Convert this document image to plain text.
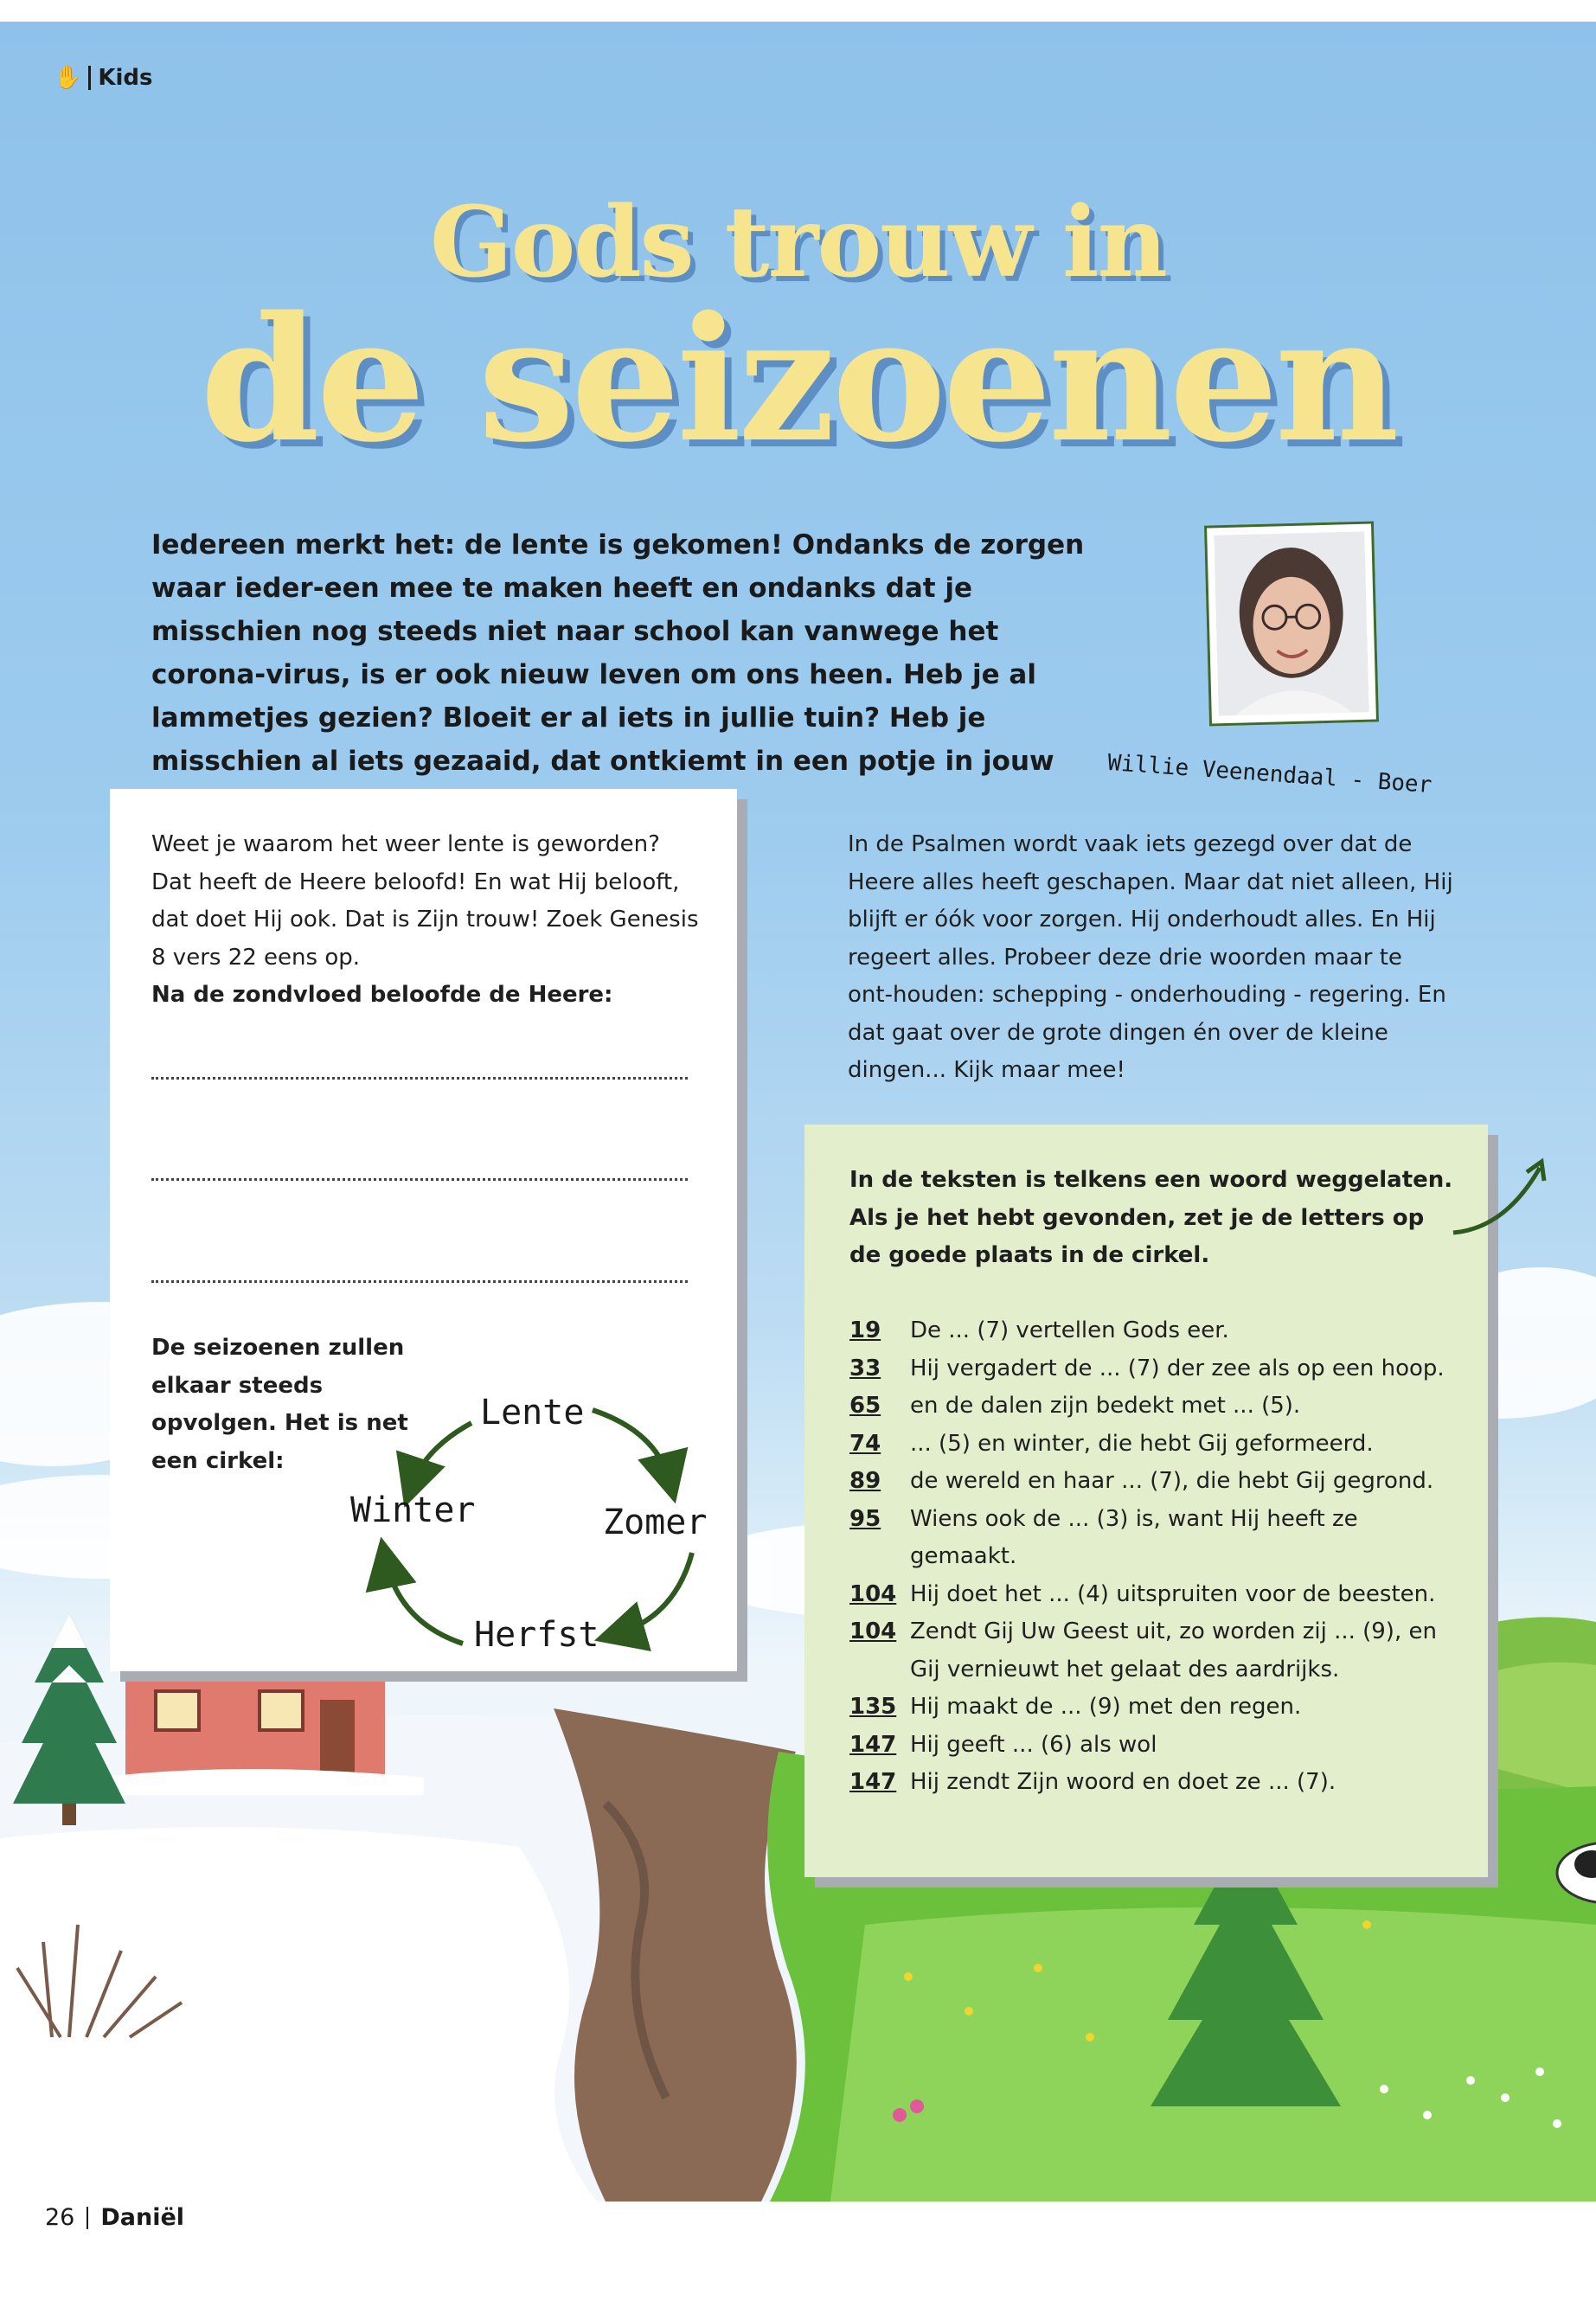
✋ Kids
Gods trouw in
de seizoenen
Iedereen merkt het: de lente is gekomen! Ondanks de zorgen waar ieder-een mee te maken heeft en ondanks dat je misschien nog steeds niet naar school kan vanwege het corona-virus, is er ook nieuw leven om ons heen. Heb je al lammetjes gezien? Bloeit er al iets in jullie tuin? Heb je misschien al iets gezaaid, dat ontkiemt in een potje in jouw	Willie Veenendaal - Boer
Weet je waarom het weer lente is geworden? Dat heeft de Heere beloofd! En wat Hij belooft, dat doet Hij ook. Dat is Zijn trouw! Zoek Genesis 8 vers 22 eens op.
Na de zondvloed beloofde de Heere:
De seizoenen zullen elkaar steeds opvolgen. Het is net een cirkel:
Lente
Zomer
Herfst
Winter
In de Psalmen wordt vaak iets gezegd over dat de Heere alles heeft geschapen. Maar dat niet alleen, Hij blijft er óók voor zorgen. Hij onderhoudt alles. En Hij regeert alles. Probeer deze drie woorden maar te ont-houden: schepping - onderhouding - regering. En dat gaat over de grote dingen én over de kleine dingen... Kijk maar mee!
In de teksten is telkens een woord weggelaten. Als je het hebt gevonden, zet je de letters op de goede plaats in de cirkel.
19	De ... (7) vertellen Gods eer.
33	Hij vergadert de ... (7) der zee als op een hoop.
65	en de dalen zijn bedekt met ... (5).
74	... (5) en winter, die hebt Gij geformeerd.
89	de wereld en haar ... (7), die hebt Gij gegrond.
95	Wiens ook de ... (3) is, want Hij heeft ze gemaakt.
104 Hij doet het ... (4) uitspruiten voor de beesten.
104 Zendt Gij Uw Geest uit, zo worden zij ... (9), en Gij vernieuwt het gelaat des aardrijks.
135 Hij maakt de ... (9) met den regen.
147 Hij geeft ... (6) als wol
147 Hij zendt Zijn woord en doet ze ... (7).
26 Daniël
